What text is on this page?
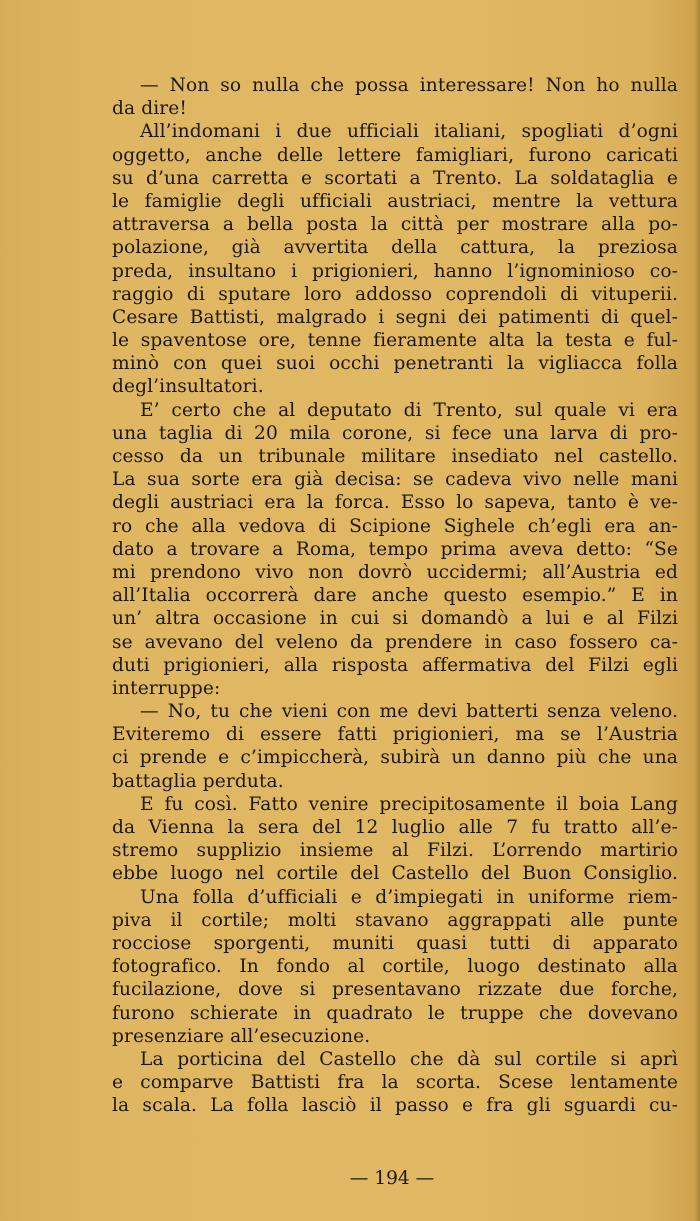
— Non so nulla che possa interessare! Non ho nulla
da dire!
All’indomani i due ufficiali italiani, spogliati d’ogni
oggetto, anche delle lettere famigliari, furono caricati
su d’una carretta e scortati a Trento. La soldataglia e
le famiglie degli ufficiali austriaci, mentre la vettura
attraversa a bella posta la città per mostrare alla po-
polazione, già avvertita della cattura, la preziosa
preda, insultano i prigionieri, hanno l’ignominioso co-
raggio di sputare loro addosso coprendoli di vituperii.
Cesare Battisti, malgrado i segni dei patimenti di quel-
le spaventose ore, tenne fieramente alta la testa e ful-
minò con quei suoi occhi penetranti la vigliacca folla
degl’insultatori.
E’ certo che al deputato di Trento, sul quale vi era
una taglia di 20 mila corone, si fece una larva di pro-
cesso da un tribunale militare insediato nel castello.
La sua sorte era già decisa: se cadeva vivo nelle mani
degli austriaci era la forca. Esso lo sapeva, tanto è ve-
ro che alla vedova di Scipione Sighele ch’egli era an-
dato a trovare a Roma, tempo prima aveva detto: “Se
mi prendono vivo non dovrò uccidermi; all’Austria ed
all’Italia occorrerà dare anche questo esempio.” E in
un’ altra occasione in cui si domandò a lui e al Filzi
se avevano del veleno da prendere in caso fossero ca-
duti prigionieri, alla risposta affermativa del Filzi egli
interruppe:
— No, tu che vieni con me devi batterti senza veleno.
Eviteremo di essere fatti prigionieri, ma se l’Austria
ci prende e c’impiccherà, subirà un danno più che una
battaglia perduta.
E fu così. Fatto venire precipitosamente il boia Lang
da Vienna la sera del 12 luglio alle 7 fu tratto all’e-
stremo supplizio insieme al Filzi. L’orrendo martirio
ebbe luogo nel cortile del Castello del Buon Consiglio.
Una folla d’ufficiali e d’impiegati in uniforme riem-
piva il cortile; molti stavano aggrappati alle punte
rocciose sporgenti, muniti quasi tutti di apparato
fotografico. In fondo al cortile, luogo destinato alla
fucilazione, dove si presentavano rizzate due forche,
furono schierate in quadrato le truppe che dovevano
presenziare all’esecuzione.
La porticina del Castello che dà sul cortile si aprì
e comparve Battisti fra la scorta. Scese lentamente
la scala. La folla lasciò il passo e fra gli sguardi cu-
— 194 —
